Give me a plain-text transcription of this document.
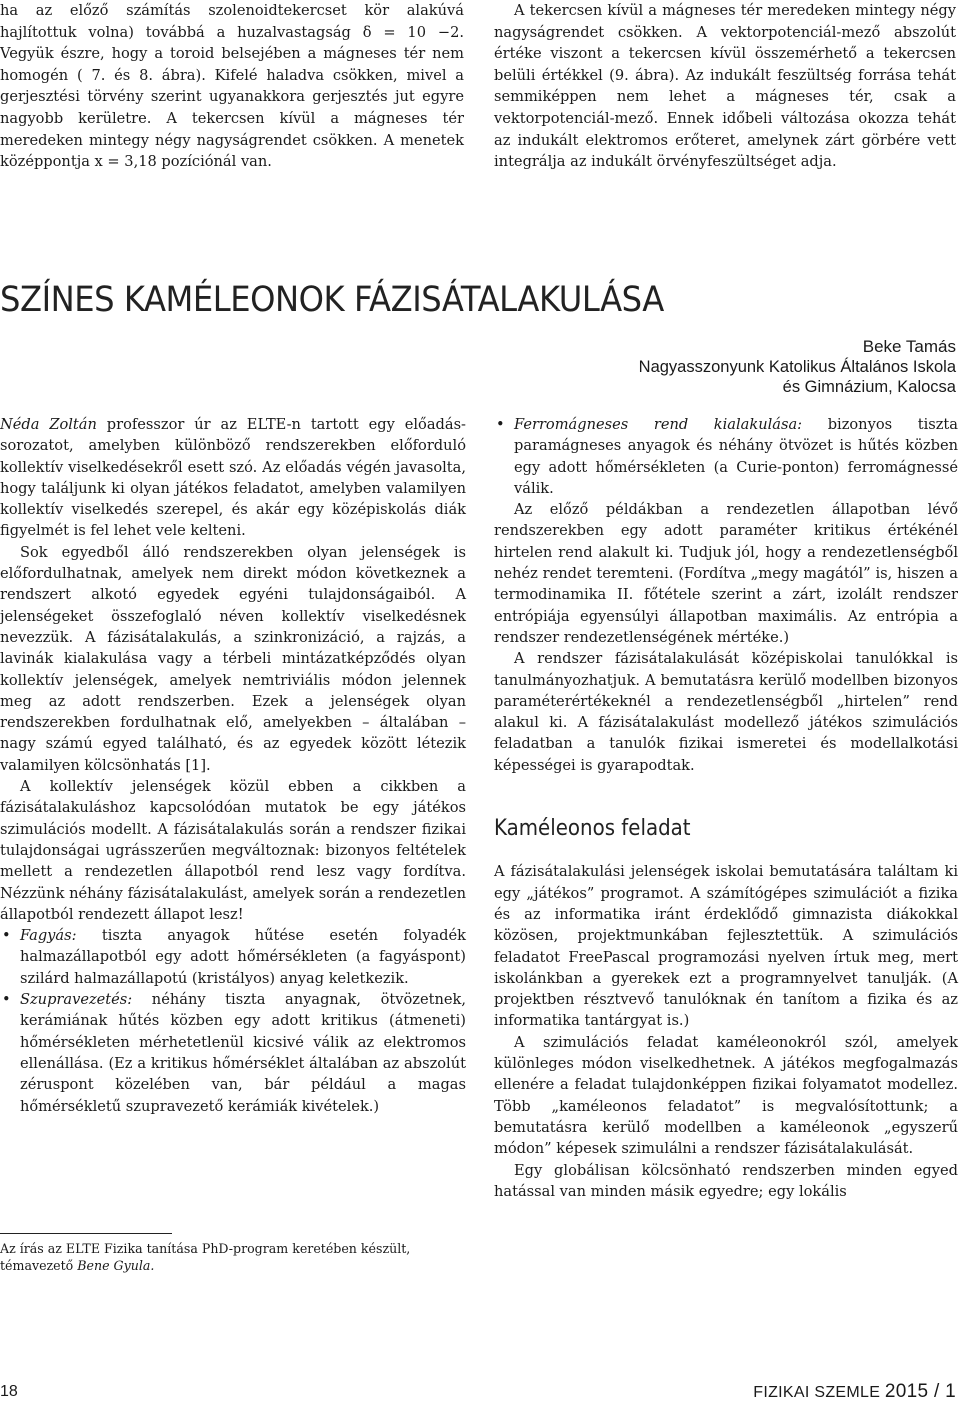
ha az előző számítás szolenoidtekercset kör alakúvá hajlítottuk volna) továbbá a huzalvastagság δ = 10 −2. Vegyük észre, hogy a toroid belsejében a mágneses tér nem homogén ( 7. és 8. ábra). Kifelé haladva csökken, mivel a gerjesztési törvény szerint ugyanakkora gerjesztés jut egyre nagyobb kerületre. A tekercsen kívül a mágneses tér meredeken mintegy négy nagyságrendet csökken. A menetek középpontja x = 3,18 pozíciónál van.

A tekercsen kívül a mágneses tér meredeken mintegy négy nagyságrendet csökken. A vektorpotenciál-mező abszolút értéke viszont a tekercsen kívül összemérhető a tekercsen belüli értékkel (9. ábra). Az indukált feszültség forrása tehát semmiképpen nem lehet a mágneses tér, csak a vektorpotenciál-mező. Ennek időbeli változása okozza tehát az indukált elektromos erőteret, amelynek zárt görbére vett integrálja az indukált örvényfeszültséget adja.

SZÍNES KAMÉLEONOK FÁZISÁTALAKULÁSA
Beke Tamás
Nagyasszonyunk Katolikus Általános Iskola
és Gimnázium, Kalocsa

Néda Zoltán professzor úr az ELTE-n tartott egy előadás-sorozatot, amelyben különböző rendszerekben előforduló kollektív viselkedésekről esett szó. Az előadás végén javasolta, hogy találjunk ki olyan játékos feladatot, amelyben valamilyen kollektív viselkedés szerepel, és akár egy középiskolás diák figyelmét is fel lehet vele kelteni.

Sok egyedből álló rendszerekben olyan jelenségek is előfordulhatnak, amelyek nem direkt módon következnek a rendszert alkotó egyedek egyéni tulajdonságaiból. A jelenségeket összefoglaló néven kollektív viselkedésnek nevezzük. A fázisátalakulás, a szinkronizáció, a rajzás, a lavinák kialakulása vagy a térbeli mintázatképződés olyan kollektív jelenségek, amelyek nemtriviális módon jelennek meg az adott rendszerben. Ezek a jelenségek olyan rendszerekben fordulhatnak elő, amelyekben – általában – nagy számú egyed található, és az egyedek között létezik valamilyen kölcsönhatás [1].

A kollektív jelenségek közül ebben a cikkben a fázisátalakuláshoz kapcsolódóan mutatok be egy játékos szimulációs modellt. A fázisátalakulás során a rendszer fizikai tulajdonságai ugrásszerűen megváltoznak: bizonyos feltételek mellett a rendezetlen állapotból rend lesz vagy fordítva. Nézzünk néhány fázisátalakulást, amelyek során a rendezetlen állapotból rendezett állapot lesz!

• Fagyás: tiszta anyagok hűtése esetén folyadék halmazállapotból egy adott hőmérsékleten (a fagyáspont) szilárd halmazállapotú (kristályos) anyag keletkezik.

• Szupravezetés: néhány tiszta anyagnak, ötvözetnek, kerámiának hűtés közben egy adott kritikus (átmeneti) hőmérsékleten mérhetetlenül kicsivé válik az elektromos ellenállása. (Ez a kritikus hőmérséklet általában az abszolút zéruspont közelében van, bár például a magas hőmérsékletű szupravezető kerámiák kivételek.)

Az írás az ELTE Fizika tanítása PhD-program keretében készült, témavezető Bene Gyula.

• Ferromágneses rend kialakulása: bizonyos tiszta paramágneses anyagok és néhány ötvözet is hűtés közben egy adott hőmérsékleten (a Curie-ponton) ferromágnessé válik.

Az előző példákban a rendezetlen állapotban lévő rendszerekben egy adott paraméter kritikus értékénél hirtelen rend alakult ki. Tudjuk jól, hogy a rendezetlenségből nehéz rendet teremteni. (Fordítva „megy magától” is, hiszen a termodinamika II. főtétele szerint a zárt, izolált rendszer entrópiája egyensúlyi állapotban maximális. Az entrópia a rendszer rendezetlenségének mértéke.)

A rendszer fázisátalakulását középiskolai tanulókkal is tanulmányozhatjuk. A bemutatásra kerülő modellben bizonyos paraméterértékeknél a rendezetlenségből „hirtelen” rend alakul ki. A fázisátalakulást modellező játékos szimulációs feladatban a tanulók fizikai ismeretei és modellalkotási képességei is gyarapodtak.

Kaméleonos feladat

A fázisátalakulási jelenségek iskolai bemutatására találtam ki egy „játékos” programot. A számítógépes szimulációt a fizika és az informatika iránt érdeklődő gimnazista diákokkal közösen, projektmunkában fejlesztettük. A szimulációs feladatot FreePascal programozási nyelven írtuk meg, mert iskolánkban a gyerekek ezt a programnyelvet tanulják. (A projektben résztvevő tanulóknak én tanítom a fizika és az informatika tantárgyat is.)

A szimulációs feladat kaméleonokról szól, amelyek különleges módon viselkedhetnek. A játékos megfogalmazás ellenére a feladat tulajdonképpen fizikai folyamatot modellez. Több „kaméleonos feladatot” is megvalósítottunk; a bemutatásra kerülő modellben a kaméleonok „egyszerű módon” képesek szimulálni a rendszer fázisátalakulását.

Egy globálisan kölcsönható rendszerben minden egyed hatással van minden másik egyedre; egy lokális

18	FIZIKAI SZEMLE 2015 / 1
